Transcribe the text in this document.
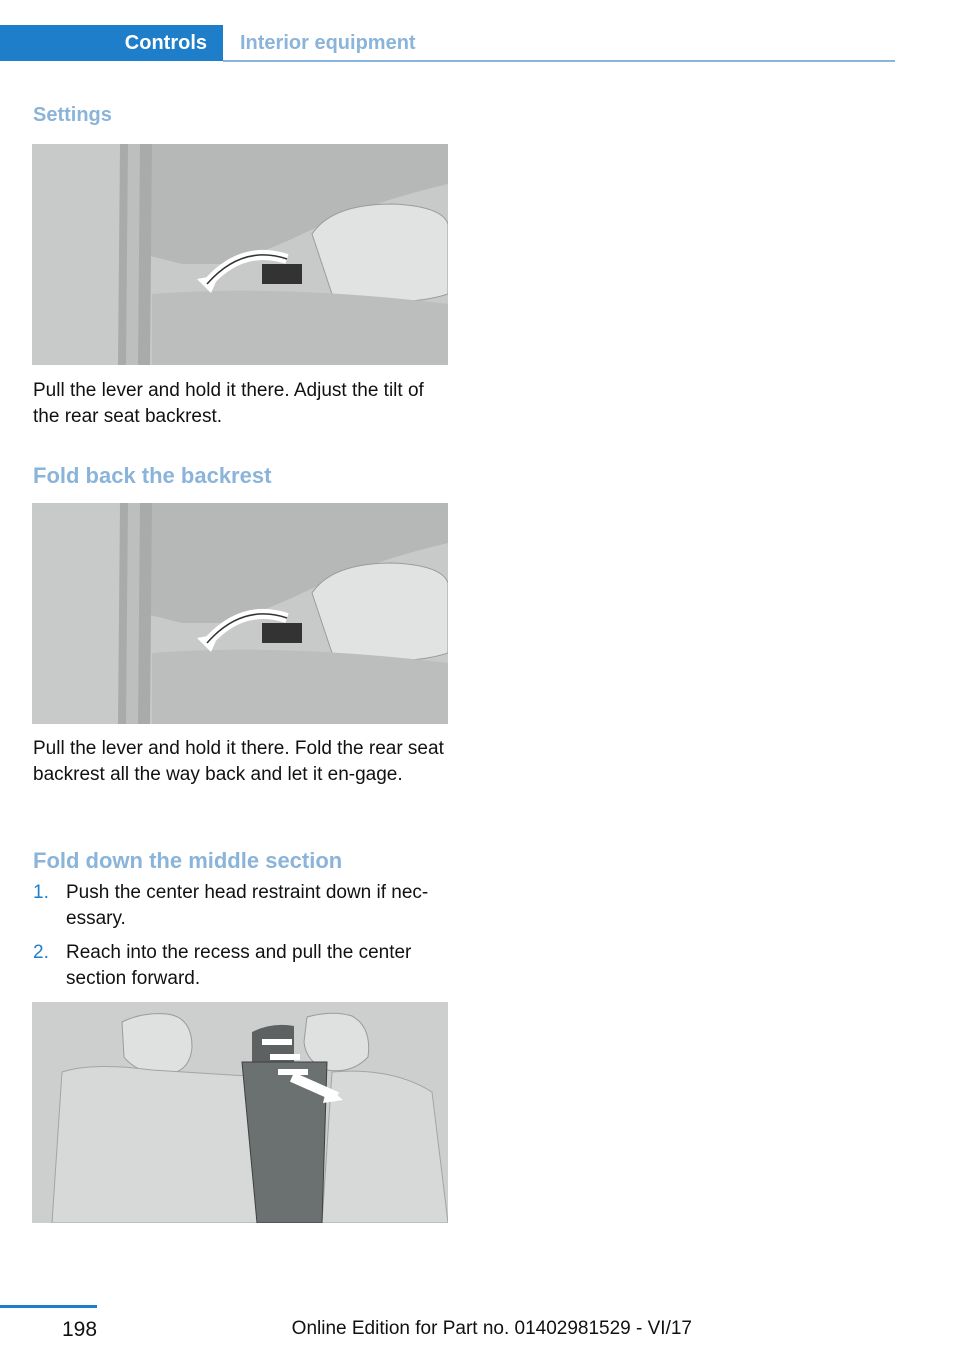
Controls Interior equipment
Settings
Pull the lever and hold it there. Adjust the tilt of the rear seat backrest.
Fold back the backrest
Pull the lever and hold it there. Fold the rear seat backrest all the way back and let it en-gage.
Fold down the middle section
1. Push the center head restraint down if nec-essary.
2. Reach into the recess and pull the center section forward.
198	Online Edition for Part no. 01402981529 - VI/17
